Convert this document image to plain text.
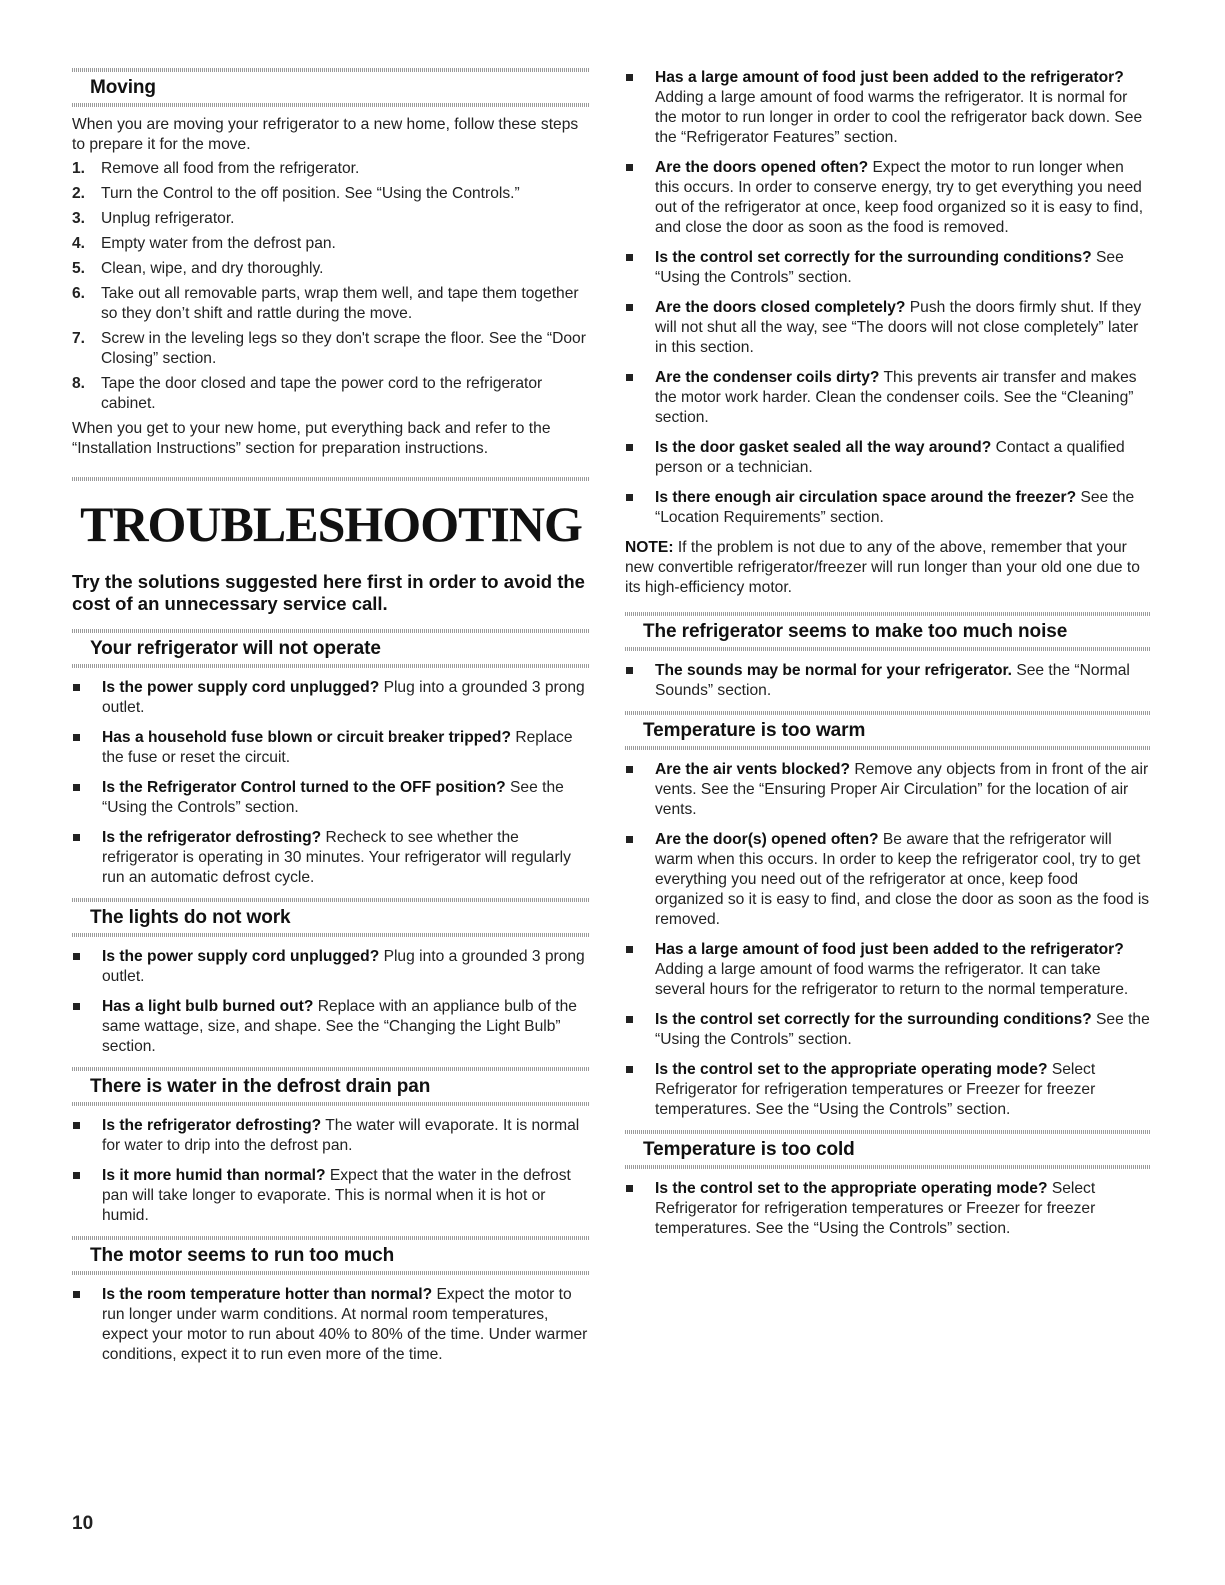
Moving

When you are moving your refrigerator to a new home, follow these steps to prepare it for the move.

1. Remove all food from the refrigerator.
2. Turn the Control to the off position. See “Using the Controls.”
3. Unplug refrigerator.
4. Empty water from the defrost pan.
5. Clean, wipe, and dry thoroughly.
6. Take out all removable parts, wrap them well, and tape them together so they don’t shift and rattle during the move.
7. Screw in the leveling legs so they don't scrape the floor. See the “Door Closing” section.
8. Tape the door closed and tape the power cord to the refrigerator cabinet.

When you get to your new home, put everything back and refer to the “Installation Instructions” section for preparation instructions.

TROUBLESHOOTING
Try the solutions suggested here first in order to avoid the cost of an unnecessary service call.
Your refrigerator will not operate
Is the power supply cord unplugged? Plug into a grounded 3 prong outlet.
Has a household fuse blown or circuit breaker tripped? Replace the fuse or reset the circuit.
Is the Refrigerator Control turned to the OFF position? See the “Using the Controls” section.
Is the refrigerator defrosting? Recheck to see whether the refrigerator is operating in 30 minutes. Your refrigerator will regularly run an automatic defrost cycle.
The lights do not work
Is the power supply cord unplugged? Plug into a grounded 3 prong outlet.
Has a light bulb burned out? Replace with an appliance bulb of the same wattage, size, and shape. See the “Changing the Light Bulb” section.
There is water in the defrost drain pan
Is the refrigerator defrosting? The water will evaporate. It is normal for water to drip into the defrost pan.
Is it more humid than normal? Expect that the water in the defrost pan will take longer to evaporate. This is normal when it is hot or humid.
The motor seems to run too much
Is the room temperature hotter than normal? Expect the motor to run longer under warm conditions. At normal room temperatures, expect your motor to run about 40% to 80% of the time. Under warmer conditions, expect it to run even more of the time.
Has a large amount of food just been added to the refrigerator? Adding a large amount of food warms the refrigerator. It is normal for the motor to run longer in order to cool the refrigerator back down. See the “Refrigerator Features” section.
Are the doors opened often? Expect the motor to run longer when this occurs. In order to conserve energy, try to get everything you need out of the refrigerator at once, keep food organized so it is easy to find, and close the door as soon as the food is removed.
Is the control set correctly for the surrounding conditions? See “Using the Controls” section.
Are the doors closed completely? Push the doors firmly shut. If they will not shut all the way, see “The doors will not close completely” later in this section.
Are the condenser coils dirty? This prevents air transfer and makes the motor work harder. Clean the condenser coils. See the “Cleaning” section.
Is the door gasket sealed all the way around? Contact a qualified person or a technician.
Is there enough air circulation space around the freezer? See the “Location Requirements” section.

NOTE: If the problem is not due to any of the above, remember that your new convertible refrigerator/freezer will run longer than your old one due to its high-efficiency motor.

The refrigerator seems to make too much noise
The sounds may be normal for your refrigerator. See the “Normal Sounds” section.
Temperature is too warm
Are the air vents blocked? Remove any objects from in front of the air vents. See the “Ensuring Proper Air Circulation” for the location of air vents.
Are the door(s) opened often? Be aware that the refrigerator will warm when this occurs. In order to keep the refrigerator cool, try to get everything you need out of the refrigerator at once, keep food organized so it is easy to find, and close the door as soon as the food is removed.
Has a large amount of food just been added to the refrigerator? Adding a large amount of food warms the refrigerator. It can take several hours for the refrigerator to return to the normal temperature.
Is the control set correctly for the surrounding conditions? See the “Using the Controls” section.
Is the control set to the appropriate operating mode? Select Refrigerator for refrigeration temperatures or Freezer for freezer temperatures. See the “Using the Controls” section.
Temperature is too cold
Is the control set to the appropriate operating mode? Select Refrigerator for refrigeration temperatures or Freezer for freezer temperatures. See the “Using the Controls” section.
10
